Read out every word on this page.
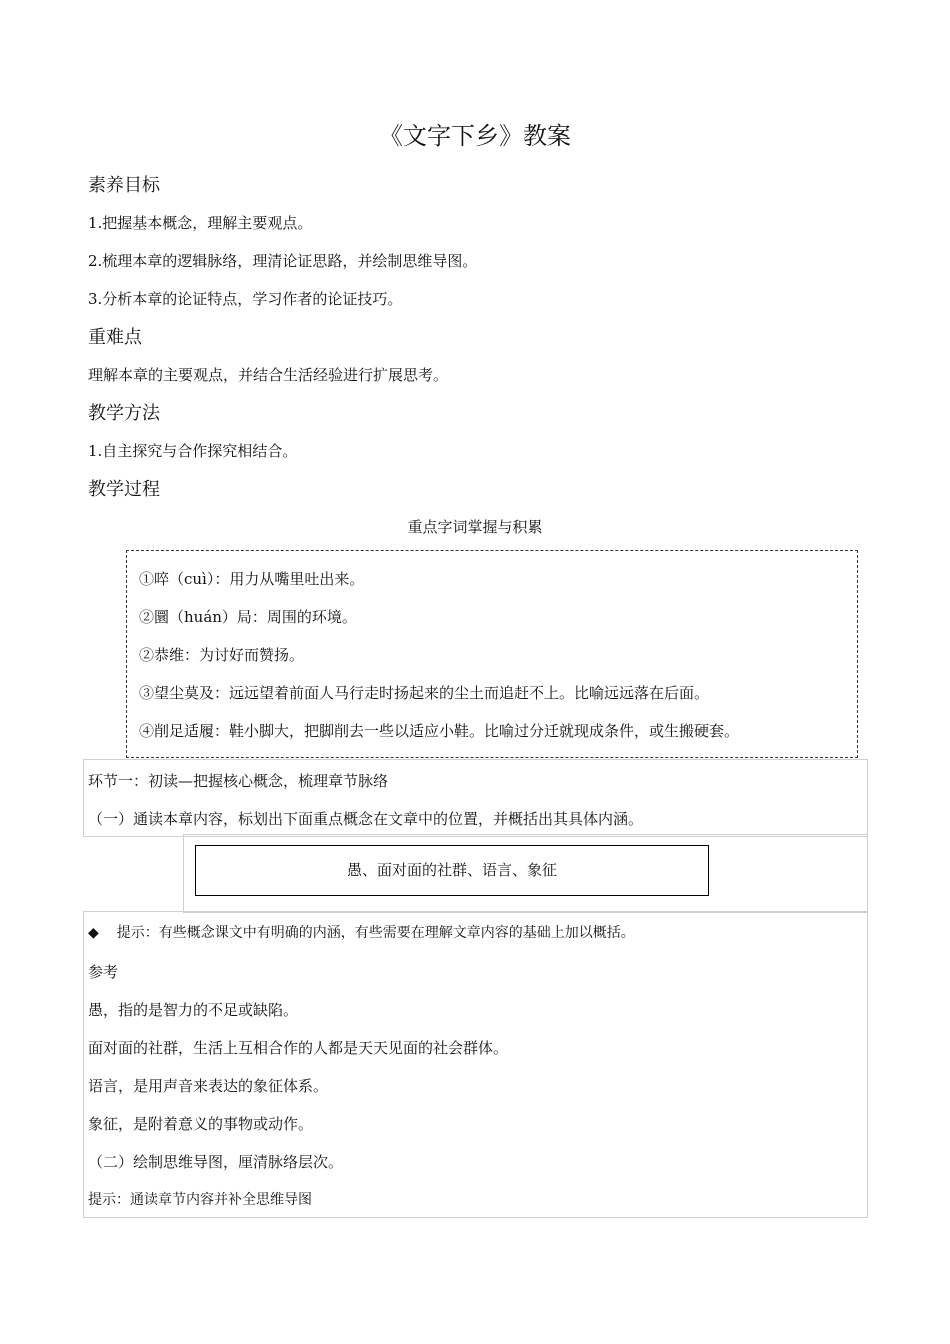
《文字下乡》教案
素养目标
1.把握基本概念，理解主要观点。
2.梳理本章的逻辑脉络，理清论证思路，并绘制思维导图。
3.分析本章的论证特点，学习作者的论证技巧。
重难点
理解本章的主要观点，并结合生活经验进行扩展思考。
教学方法
1.自主探究与合作探究相结合。
教学过程
重点字词掌握与积累
①啐（cuì）：用力从嘴里吐出来。
②圜（huán）局：周围的环境。
②恭维：为讨好而赞扬。
③望尘莫及：远远望着前面人马行走时扬起来的尘土而追赶不上。比喻远远落在后面。
④削足适履：鞋小脚大，把脚削去一些以适应小鞋。比喻过分迁就现成条件，或生搬硬套。
环节一：初读—把握核心概念，梳理章节脉络
（一）通读本章内容，标划出下面重点概念在文章中的位置，并概括出其具体内涵。
愚、面对面的社群、语言、象征
◆ 提示：有些概念课文中有明确的内涵，有些需要在理解文章内容的基础上加以概括。
参考
愚，指的是智力的不足或缺陷。
面对面的社群，生活上互相合作的人都是天天见面的社会群体。
语言，是用声音来表达的象征体系。
象征，是附着意义的事物或动作。
（二）绘制思维导图，厘清脉络层次。
提示：通读章节内容并补全思维导图
